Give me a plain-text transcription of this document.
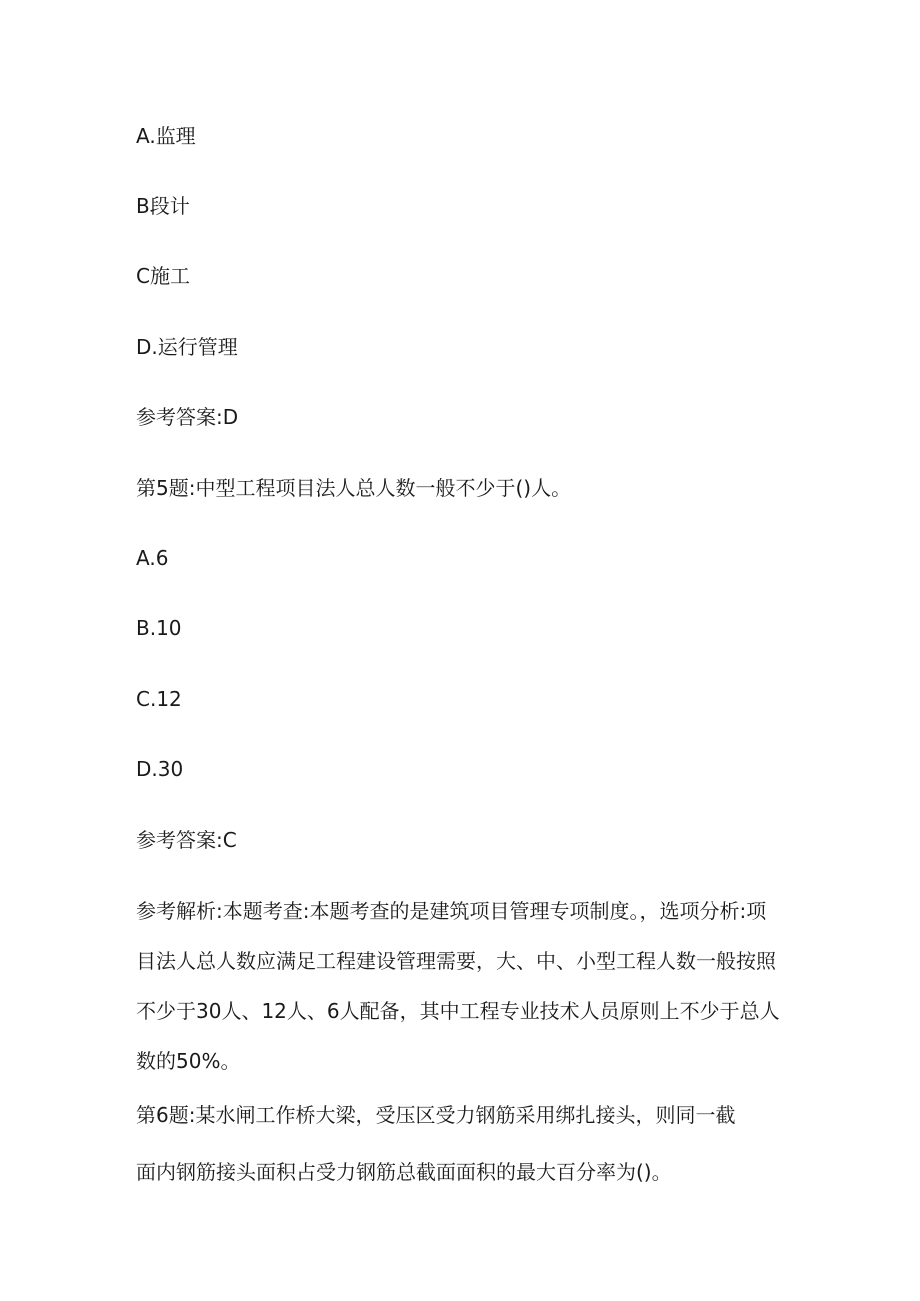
A.监理
B段计
C施工
D.运行管理
参考答案:D
第5题:中型工程项目法人总人数一般不少于()人。
A.6
B.10
C.12
D.30
参考答案:C
参考解析:本题考查:本题考查的是建筑项目管理专项制度。，选项分析:项目法人总人数应满足工程建设管理需要，大、中、小型工程人数一般按照不少于30人、12人、6人配备，其中工程专业技术人员原则上不少于总人数的50%。
第6题:某水闸工作桥大梁，受压区受力钢筋采用绑扎接头，则同一截
面内钢筋接头面积占受力钢筋总截面面积的最大百分率为()。
